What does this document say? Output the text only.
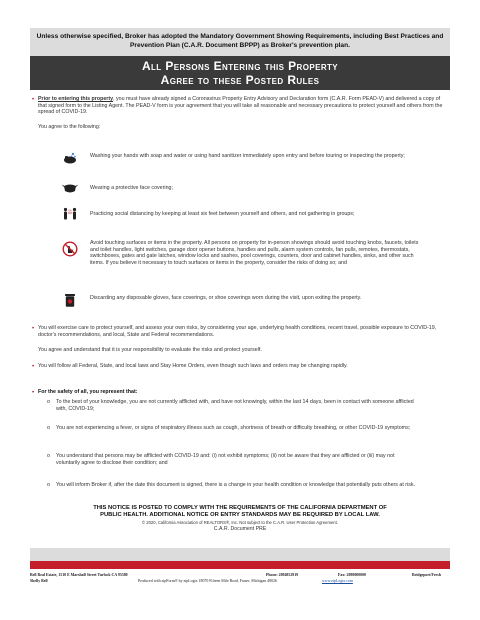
Unless otherwise specified, Broker has adopted the Mandatory Government Showing Requirements, including Best Practices and Prevention Plan (C.A.R. Document BPPP) as Broker's prevention plan.

All Persons Entering this Property
Agree to these Posted Rules
• Prior to entering this property, you must have already signed a Coronavirus Property Entry Advisory and Declaration form (C.A.R. Form PEAD-V) and delivered a copy of that signed form to the Listing Agent. The PEAD-V form is your agreement that you will take all reasonable and necessary precautions to protect yourself and others from the spread of COVID-19.
You agree to the following:
Washing your hands with soap and water or using hand sanitizer immediately upon entry and before touring or inspecting the property;
Wearing a protective face covering;
6ft	Practicing social distancing by keeping at least six feet between yourself and others, and not gathering in groups;
Avoid touching surfaces or items in the property. All persons on property for in-person showings should avoid touching knobs, faucets, toilets and toilet handles, light switches, garage door opener buttons, handles and pulls, alarm system controls, fan pulls, remotes, thermostats, switchboxes, gates and gate latches, window locks and sashes, pool coverings, counters, door and cabinet handles, sinks, and other such items. If you believe it necessary to touch surfaces or items in the property, consider the risks of doing so; and
Discarding any disposable gloves, face coverings, or shoe coverings worn during the visit, upon exiting the property.
• You will exercise care to protect yourself, and assess your own risks, by considering your age, underlying health conditions, recent travel, possible exposure to COVID-19, doctor's recommendations, and local, State and Federal recommendations.
You agree and understand that it is your responsibility to evaluate the risks and protect yourself.
• You will follow all Federal, State, and local laws and Stay Home Orders, even though such laws and orders may be changing rapidly.
• For the safety of all, you represent that:
o To the best of your knowledge, you are not currently afflicted with, and have not knowingly, within the last 14 days, been in contact with someone afflicted with, COVID-19;
o You are not experiencing a fever, or signs of respiratory illness such as cough, shortness of breath or difficulty breathing, or other COVID-19 symptoms;
o You understand that persons may be afflicted with COVID-19 and: (i) not exhibit symptoms; (ii) not be aware that they are afflicted or (iii) may not voluntarily agree to disclose their condition; and
o You will inform Broker if, after the date this document is signed, there is a change in your health condition or knowledge that potentially puts others at risk.
THIS NOTICE IS POSTED TO COMPLY WITH THE REQUIREMENTS OF THE CALIFORNIA DEPARTMENT OF
PUBLIC HEALTH. ADDITIONAL NOTICE OR ENTRY STANDARDS MAY BE REQUIRED BY LOCAL LAW.
© 2020, California Association of REALTORS®, Inc. Not subject to the C.A.R. User Protection Agreement.
C.A.R. Document PRE
Bell Real Estate, 1510 E Marshall Street Turlock CA 95380	Phone: 2094852919	Fax: 2090000000	Bridgeport/Fresh
Shelly Bell	Produced with zipForm® by zipLogix 18070 Fifteen Mile Road, Fraser, Michigan 48026	www.zipLogix.com
